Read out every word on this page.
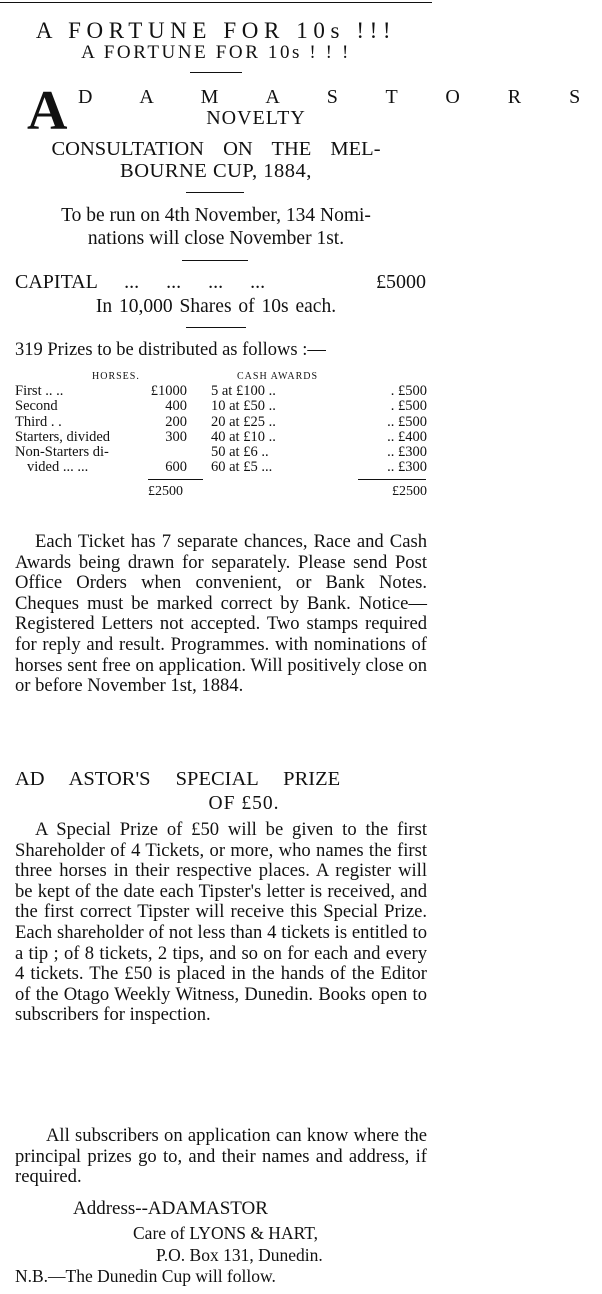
A FORTUNE FOR 10s !!!
A FORTUNE FOR 10s ! ! !
A D A M A S T O R S
NOVELTY
CONSULTATION ON THE MEL-
BOURNE CUP, 1884,
To be run on 4th November, 134 Nomi-
nations will close November 1st.
CAPITAL ... ... ... ...	£5000
In 10,000 Shares of 10s each.
319 Prizes to be distributed as follows :—
HORSES.	CASH AWARDS
First .. ..	£1000 5 at £100 ..	. £500
Second	400 10 at £50 ..	. £500
Third . .	200 20 at £25 ..	.. £500
Starters, divided	300 40 at £10 ..	.. £400
Non-Starters di-	50 at £6 ..	.. £300
vided ... ...	600 60 at £5 ...	.. £300
£2500	£2500

Each Ticket has 7 separate chances, Race and Cash Awards being drawn for separately. Please send Post Office Orders when convenient, or Bank Notes. Cheques must be marked correct by Bank. Notice—Registered Letters not accepted. Two stamps required for reply and result. Programmes. with nominations of horses sent free on application. Will positively close on or before November 1st, 1884.

AD ASTOR'S SPECIAL PRIZE
OF £50.

A Special Prize of £50 will be given to the first Shareholder of 4 Tickets, or more, who names the first three horses in their respective places. A register will be kept of the date each Tipster's letter is received, and the first correct Tipster will receive this Special Prize. Each shareholder of not less than 4 tickets is entitled to a tip ; of 8 tickets, 2 tips, and so on for each and every 4 tickets. The £50 is placed in the hands of the Editor of the Otago Weekly Witness, Dunedin. Books open to subscribers for inspection.

All subscribers on application can know where the principal prizes go to, and their names and address, if required.

Address--ADAMASTOR
Care of LYONS & HART,
P.O. Box 131, Dunedin.
N.B.—The Dunedin Cup will follow.
